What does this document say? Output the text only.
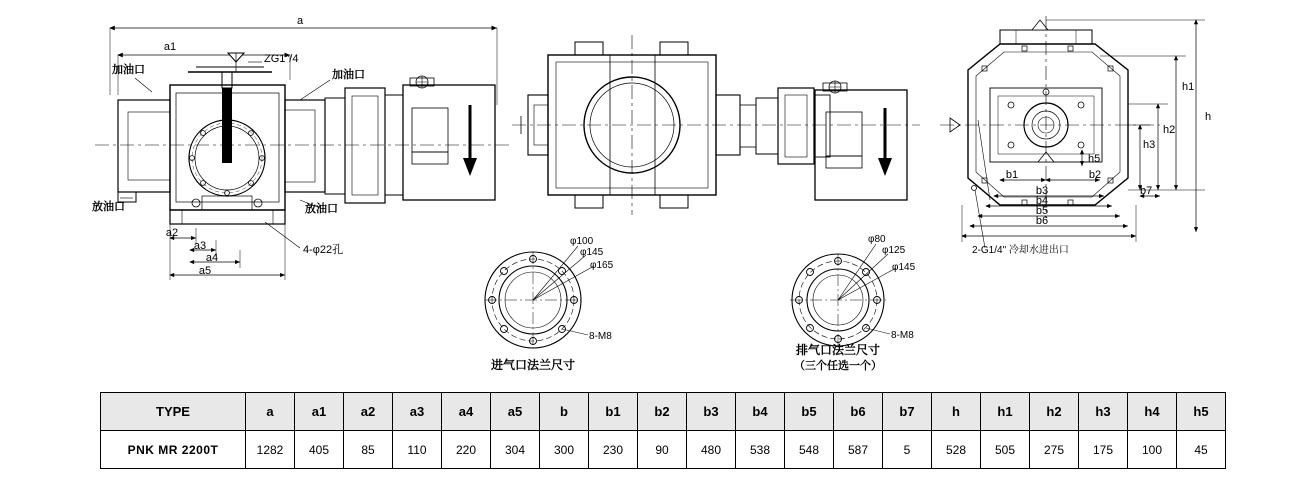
a
a1
a2
a3
a4
a5
ZG1"/4
加油口	加油口
放油口	放油口
4-φ22孔
h
h1
h2
h3
h5
b1	b2
b3
b4
b5
b6
b7
2-G1/4" 冷却水进出口
φ100
φ145
φ165
8-M8
进气口法兰尺寸
φ80
φ125
φ145
8-M8
排气口法兰尺寸
（三个任选一个）
TYPE	a	a1	a2	a3	a4	a5	b	b1	b2	b3	b4	b5	b6	b7	h	h1	h2	h3	h4	h5
PNK MR 2200T	1282	405	85	110	220	304	300	230	90	480	538	548	587	5	528	505	275	175	100	45
